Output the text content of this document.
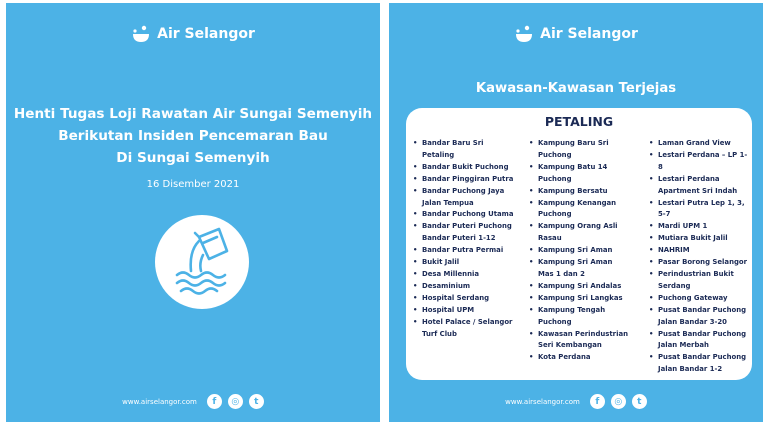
Air Selangor
Henti Tugas Loji Rawatan Air Sungai Semenyih
Berikutan Insiden Pencemaran Bau
Di Sungai Semenyih
16 Disember 2021
www.airselangor.com	f	◎	t
Air Selangor
Kawasan-Kawasan Terjejas
PETALING
• Bandar Baru Sri Petaling
• Bandar Bukit Puchong
• Bandar Pinggiran Putra
• Bandar Puchong Jaya Jalan Tempua
• Bandar Puchong Utama
• Bandar Puteri Puchong Bandar Puteri 1-12
• Bandar Putra Permai
• Bukit Jalil
• Desa Millennia
• Desaminium
• Hospital Serdang
• Hospital UPM
• Hotel Palace / Selangor Turf Club
• Kampung Baru Sri Puchong
• Kampung Batu 14 Puchong
• Kampung Bersatu
• Kampung Kenangan Puchong
• Kampung Orang Asli Rasau
• Kampung Sri Aman
• Kampung Sri Aman Mas 1 dan 2
• Kampung Sri Andalas
• Kampung Sri Langkas
• Kampung Tengah Puchong
• Kawasan Perindustrian Seri Kembangan
• Kota Perdana
• Laman Grand View
• Lestari Perdana – LP 1-8
• Lestari Perdana Apartment Sri Indah
• Lestari Putra Lep 1, 3, 5-7
• Mardi UPM 1
• Mutiara Bukit Jalil
• NAHRIM
• Pasar Borong Selangor
• Perindustrian Bukit Serdang
• Puchong Gateway
• Pusat Bandar Puchong Jalan Bandar 3-20
• Pusat Bandar Puchong Jalan Merbah
• Pusat Bandar Puchong Jalan Bandar 1-2
www.airselangor.com	f	◎	t
